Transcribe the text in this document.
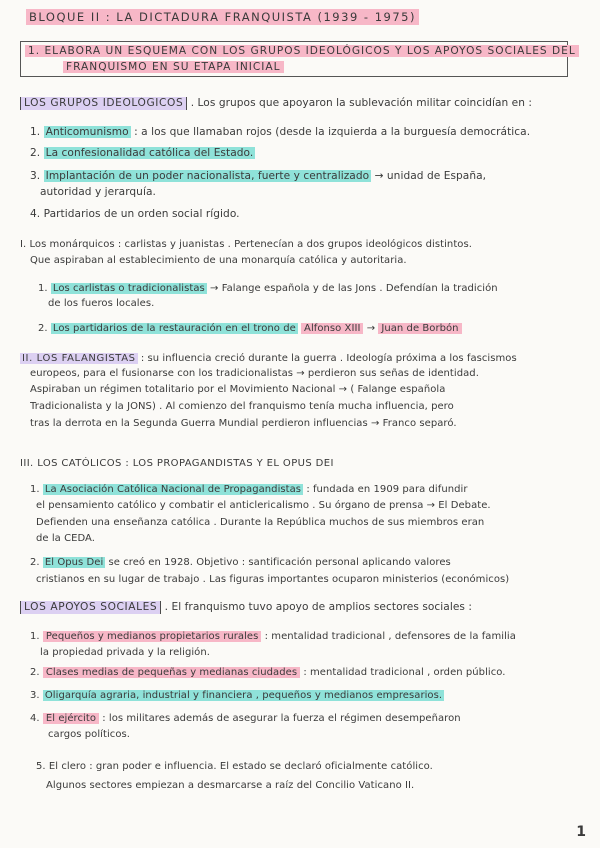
BLOQUE II : LA DICTADURA FRANQUISTA (1939 - 1975)
1. ELABORA UN ESQUEMA CON LOS GRUPOS IDEOLÓGICOS Y LOS APOYOS SOCIALES DEL
FRANQUISMO EN SU ETAPA INICIAL
LOS GRUPOS IDEOLÓGICOS . Los grupos que apoyaron la sublevación militar coincidían en :
1. Anticomunismo : a los que llamaban rojos (desde la izquierda a la burguesía democrática.
2. La confesionalidad católica del Estado.
3. Implantación de un poder nacionalista, fuerte y centralizado → unidad de España,
autoridad y jerarquía.
4. Partidarios de un orden social rígido.
I. Los monárquicos : carlistas y juanistas . Pertenecían a dos grupos ideológicos distintos.
Que aspiraban al establecimiento de una monarquía católica y autoritaria.
1. Los carlistas o tradicionalistas → Falange española y de las Jons . Defendían la tradición
de los fueros locales.
2. Los partidarios de la restauración en el trono de Alfonso XIII → Juan de Borbón
II. LOS FALANGISTAS : su influencia creció durante la guerra . Ideología próxima a los fascismos
europeos, para el fusionarse con los tradicionalistas → perdieron sus señas de identidad.
Aspiraban un régimen totalitario por el Movimiento Nacional → ( Falange española
Tradicionalista y la JONS) . Al comienzo del franquismo tenía mucha influencia, pero
tras la derrota en la Segunda Guerra Mundial perdieron influencias → Franco separó.
III. LOS CATÓLICOS : LOS PROPAGANDISTAS Y EL OPUS DEI
1. La Asociación Católica Nacional de Propagandistas : fundada en 1909 para difundir
el pensamiento católico y combatir el anticlericalismo . Su órgano de prensa → El Debate.
Defienden una enseñanza católica . Durante la República muchos de sus miembros eran
de la CEDA.
2. El Opus Dei se creó en 1928. Objetivo : santificación personal aplicando valores
cristianos en su lugar de trabajo . Las figuras importantes ocuparon ministerios (económicos)
LOS APOYOS SOCIALES . El franquismo tuvo apoyo de amplios sectores sociales :
1. Pequeños y medianos propietarios rurales : mentalidad tradicional , defensores de la familia
la propiedad privada y la religión.
2. Clases medias de pequeñas y medianas ciudades : mentalidad tradicional , orden público.
3. Oligarquía agraria, industrial y financiera , pequeños y medianos empresarios.
4. El ejército : los militares además de asegurar la fuerza el régimen desempeñaron
cargos políticos.
5. El clero : gran poder e influencia. El estado se declaró oficialmente católico.
Algunos sectores empiezan a desmarcarse a raíz del Concilio Vaticano II.
1
